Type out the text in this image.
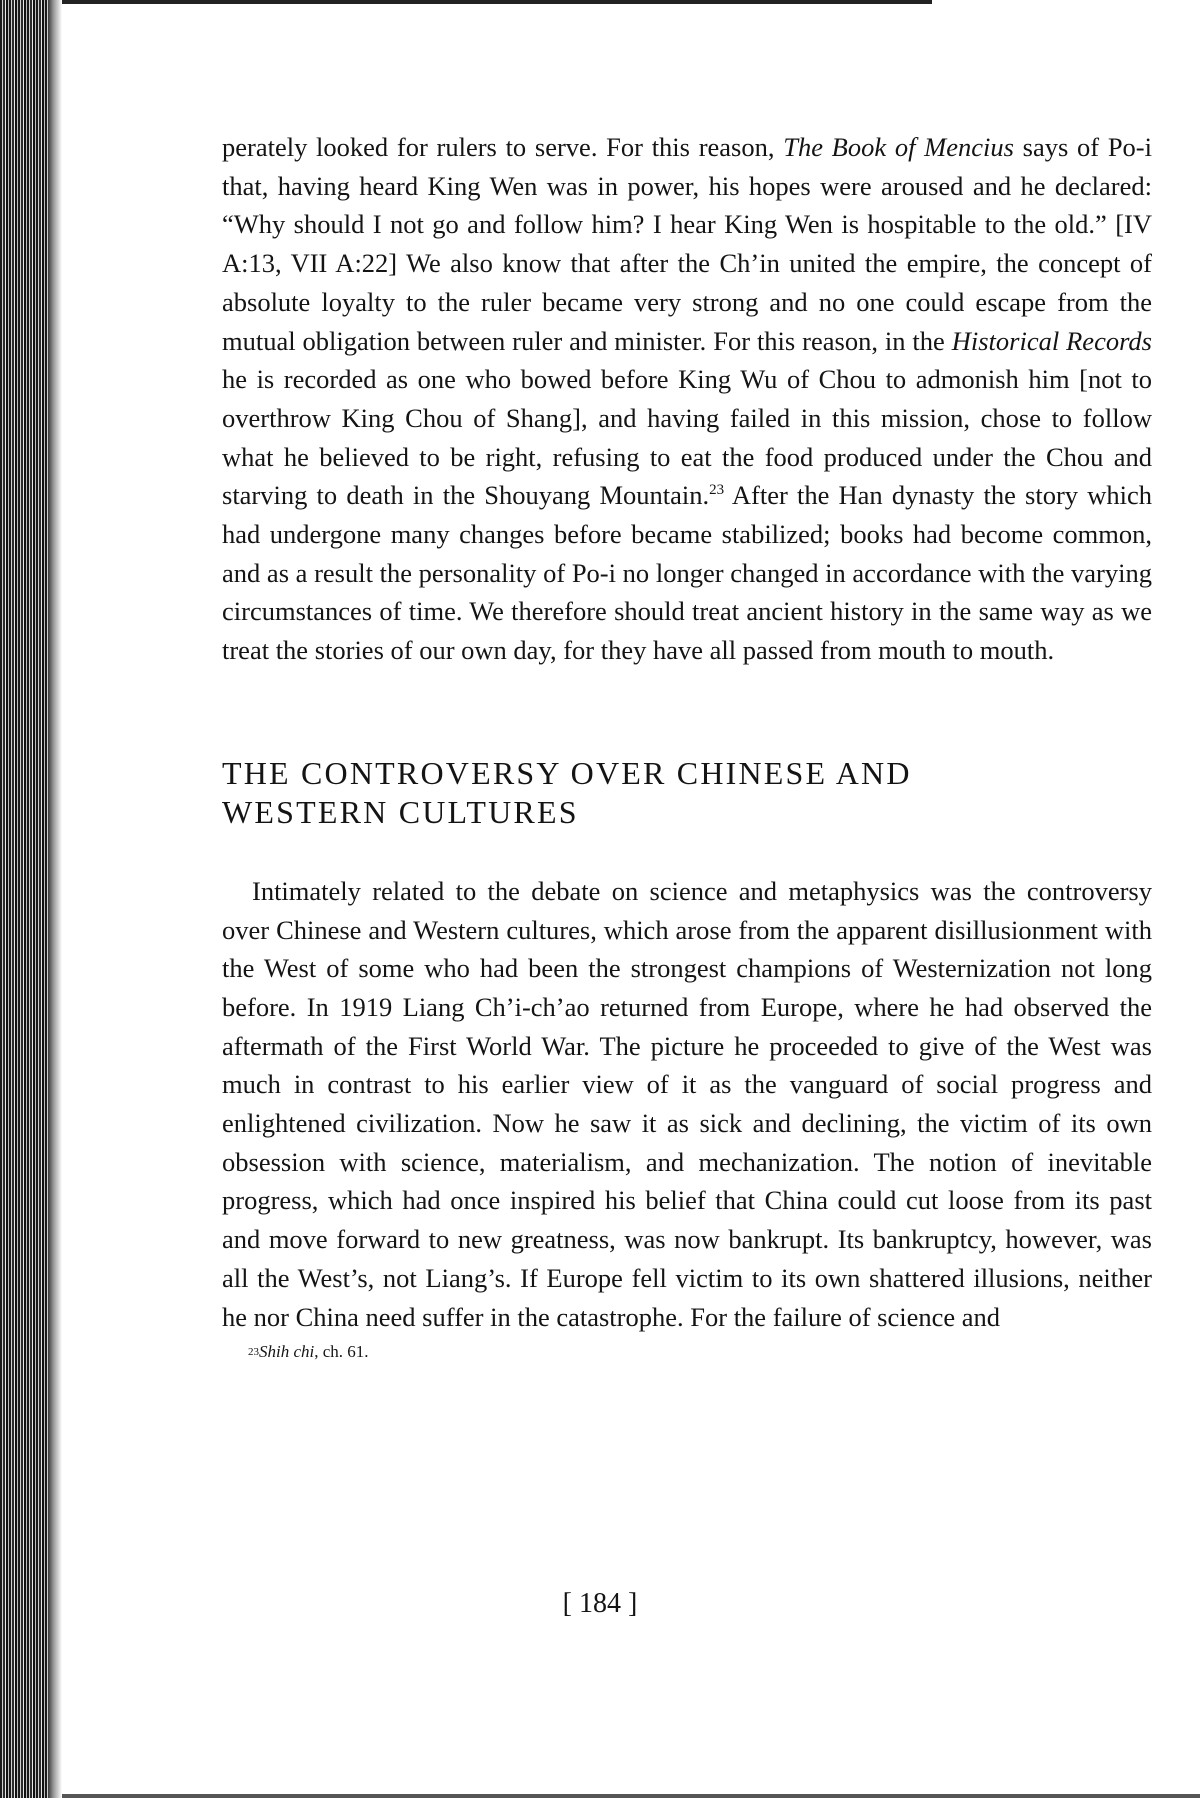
perately looked for rulers to serve. For this reason, The Book of Mencius says of Po-i that, having heard King Wen was in power, his hopes were aroused and he declared: “Why should I not go and follow him? I hear King Wen is hospitable to the old.” [IV A:13, VII A:22] We also know that after the Ch’in united the empire, the concept of absolute loyalty to the ruler became very strong and no one could escape from the mutual obligation between ruler and minister. For this reason, in the Historical Records he is recorded as one who bowed before King Wu of Chou to admonish him [not to overthrow King Chou of Shang], and having failed in this mission, chose to follow what he believed to be right, refusing to eat the food produced under the Chou and starving to death in the Shouyang Mountain.$^{23}$ After the Han dynasty the story which had undergone many changes before became stabilized; books had become common, and as a result the personality of Po-i no longer changed in accordance with the varying circumstances of time. We therefore should treat ancient history in the same way as we treat the stories of our own day, for they have all passed from mouth to mouth.

THE CONTROVERSY OVER CHINESE AND
WESTERN CULTURES

Intimately related to the debate on science and metaphysics was the controversy over Chinese and Western cultures, which arose from the apparent disillusionment with the West of some who had been the strongest champions of Westernization not long before. In 1919 Liang Ch’i-ch’ao returned from Europe, where he had observed the aftermath of the First World War. The picture he proceeded to give of the West was much in contrast to his earlier view of it as the vanguard of social progress and enlightened civilization. Now he saw it as sick and declining, the victim of its own obsession with science, materialism, and mechanization. The notion of inevitable progress, which had once inspired his belief that China could cut loose from its past and move forward to new greatness, was now bankrupt. Its bankruptcy, however, was all the West’s, not Liang’s. If Europe fell victim to its own shattered illusions, neither he nor China need suffer in the catastrophe. For the failure of science and

$^{23}$Shih chi, ch. 61.
[ 184 ]
